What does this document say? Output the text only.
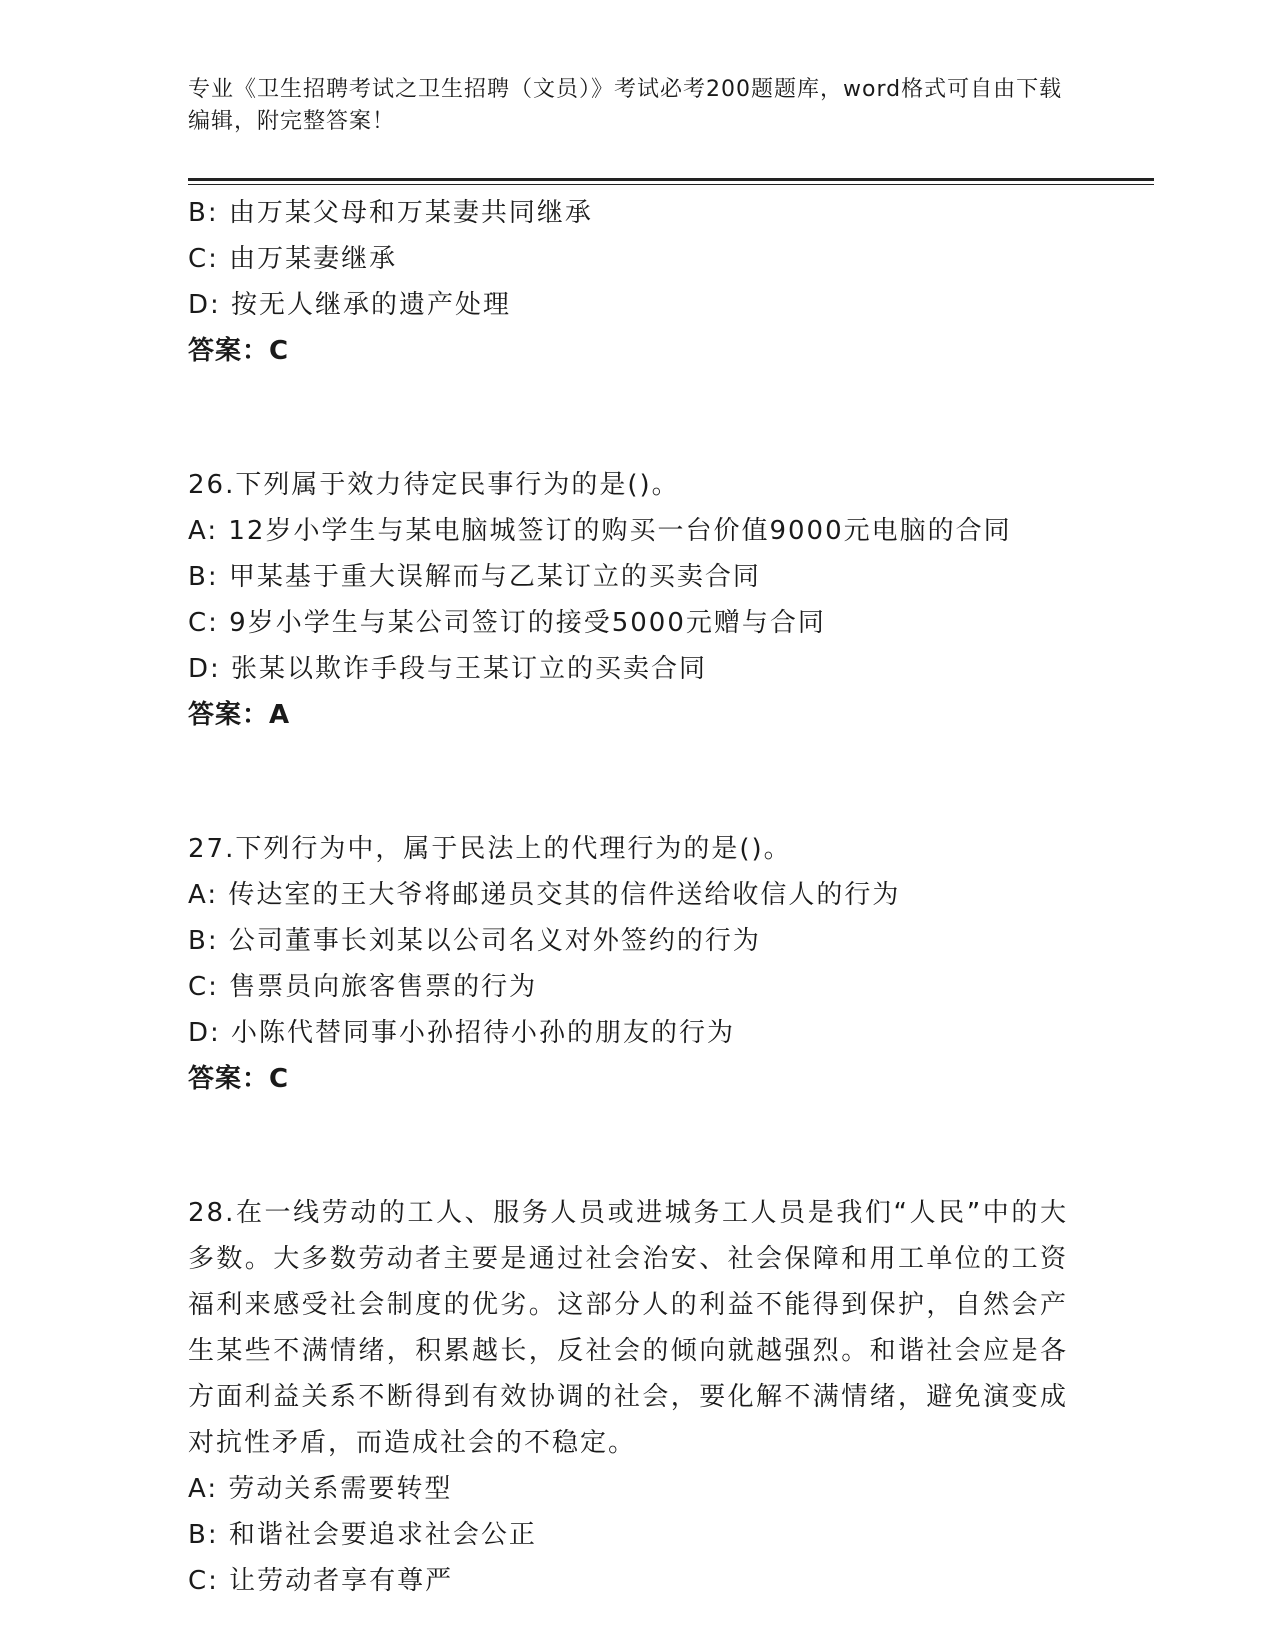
专业《卫生招聘考试之卫生招聘（文员）》考试必考200题题库，word格式可自由下载编辑，附完整答案！
B: 由万某父母和万某妻共同继承
C: 由万某妻继承
D: 按无人继承的遗产处理
答案：C
26.下列属于效力待定民事行为的是()。
A: 12岁小学生与某电脑城签订的购买一台价值9000元电脑的合同
B: 甲某基于重大误解而与乙某订立的买卖合同
C: 9岁小学生与某公司签订的接受5000元赠与合同
D: 张某以欺诈手段与王某订立的买卖合同
答案：A
27.下列行为中，属于民法上的代理行为的是()。
A: 传达室的王大爷将邮递员交其的信件送给收信人的行为
B: 公司董事长刘某以公司名义对外签约的行为
C: 售票员向旅客售票的行为
D: 小陈代替同事小孙招待小孙的朋友的行为
答案：C
28.在一线劳动的工人、服务人员或进城务工人员是我们“人民”中的大多数。大多数劳动者主要是通过社会治安、社会保障和用工单位的工资福利来感受社会制度的优劣。这部分人的利益不能得到保护，自然会产生某些不满情绪，积累越长，反社会的倾向就越强烈。和谐社会应是各方面利益关系不断得到有效协调的社会，要化解不满情绪，避免演变成对抗性矛盾，而造成社会的不稳定。
A: 劳动关系需要转型
B: 和谐社会要追求社会公正
C: 让劳动者享有尊严
